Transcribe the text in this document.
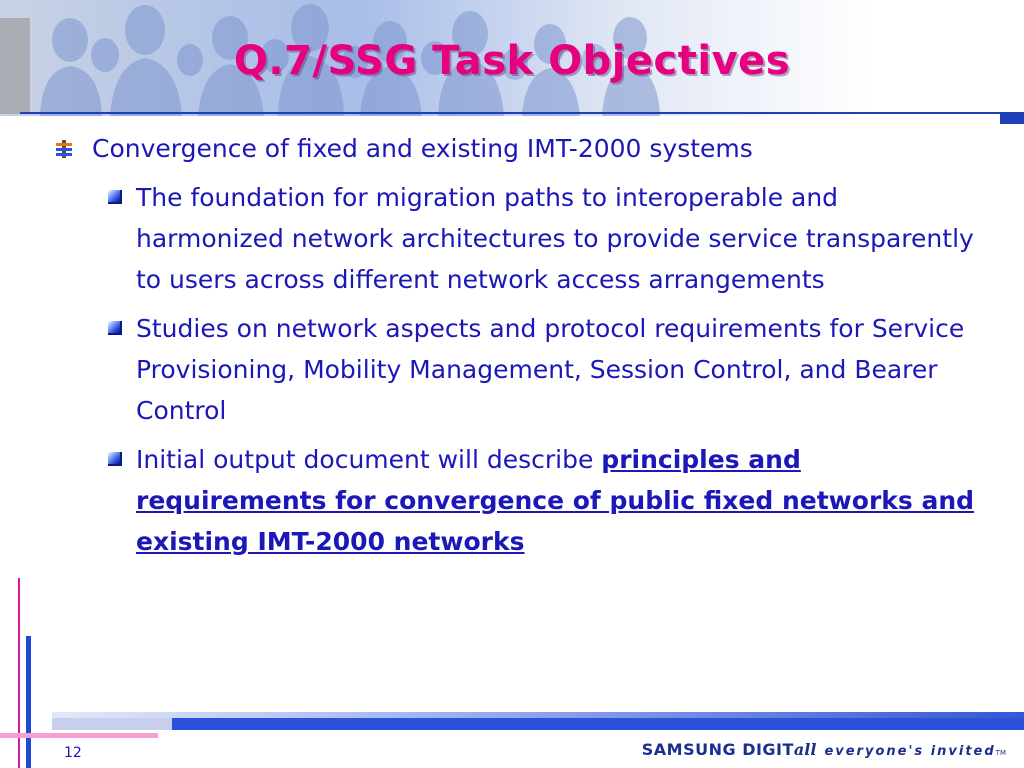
Q.7/SSG Task Objectives
Convergence of fixed and existing IMT-2000 systems
The foundation for migration paths to interoperable and harmonized network architectures to provide service transparently to users across different network access arrangements
Studies on network aspects and protocol requirements for Service Provisioning, Mobility Management, Session Control, and Bearer Control
Initial output document will describe principles and requirements for convergence of public fixed networks and existing IMT-2000 networks
12	SAMSUNG DIGITall everyone's invitedTM
